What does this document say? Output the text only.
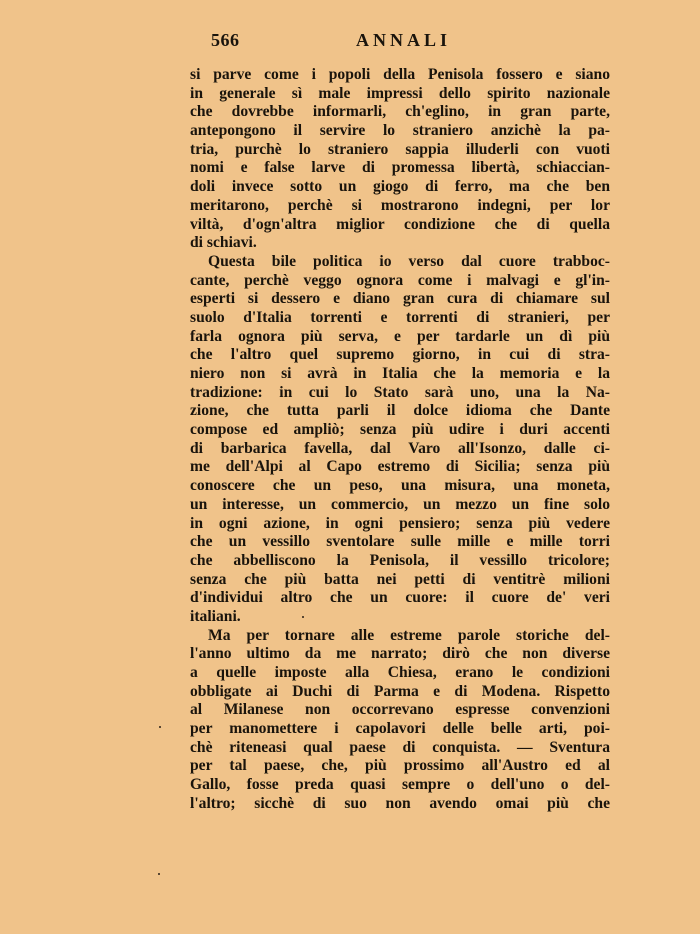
566	ANNALI
si parve come i popoli della Penisola fossero e siano
in generale sì male impressi dello spirito nazionale
che dovrebbe informarli, ch'eglino, in gran parte,
antepongono il servire lo straniero anzichè la pa-
tria, purchè lo straniero sappia illuderli con vuoti
nomi e false larve di promessa libertà, schiaccian-
doli invece sotto un giogo di ferro, ma che ben
meritarono, perchè si mostrarono indegni, per lor
viltà, d'ogn'altra miglior condizione che di quella
di schiavi.
Questa bile politica io verso dal cuore trabboc-
cante, perchè veggo ognora come i malvagi e gl'in-
esperti si dessero e diano gran cura di chiamare sul
suolo d'Italia torrenti e torrenti di stranieri, per
farla ognora più serva, e per tardarle un dì più
che l'altro quel supremo giorno, in cui di stra-
niero non si avrà in Italia che la memoria e la
tradizione: in cui lo Stato sarà uno, una la Na-
zione, che tutta parli il dolce idioma che Dante
compose ed ampliò; senza più udire i duri accenti
di barbarica favella, dal Varo all'Isonzo, dalle ci-
me dell'Alpi al Capo estremo di Sicilia; senza più
conoscere che un peso, una misura, una moneta,
un interesse, un commercio, un mezzo un fine solo
in ogni azione, in ogni pensiero; senza più vedere
che un vessillo sventolare sulle mille e mille torri
che abbelliscono la Penisola, il vessillo tricolore;
senza che più batta nei petti di ventitrè milioni
d'individui altro che un cuore: il cuore de' veri
italiani.
Ma per tornare alle estreme parole storiche del-
l'anno ultimo da me narrato; dirò che non diverse
a quelle imposte alla Chiesa, erano le condizioni
obbligate ai Duchi di Parma e di Modena. Rispetto
al Milanese non occorrevano espresse convenzioni
per manomettere i capolavori delle belle arti, poi-
chè riteneasi qual paese di conquista. — Sventura
per tal paese, che, più prossimo all'Austro ed al
Gallo, fosse preda quasi sempre o dell'uno o del-
l'altro; sicchè di suo non avendo omai più che
